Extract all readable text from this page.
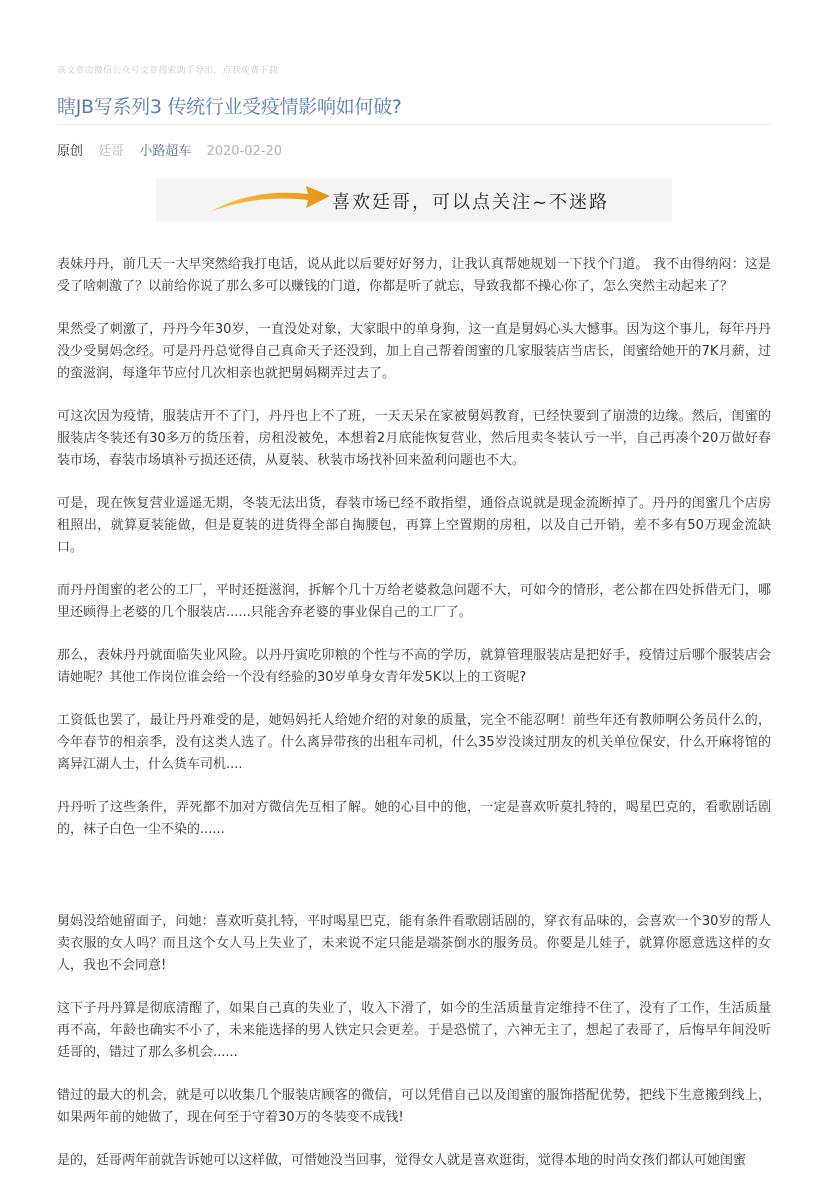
该文章由微信公众号文章搜索助手导出，点我免费下载
瞎JB写系列3 传统行业受疫情影响如何破?
原创 廷哥 小路超车 2020-02-20
喜欢廷哥，可以点关注~不迷路

表妹丹丹，前几天一大早突然给我打电话，说从此以后要好好努力，让我认真帮她规划一下找个门道。 我不由得纳闷：这是受了啥刺激了？以前给你说了那么多可以赚钱的门道，你都是听了就忘，导致我都不操心你了，怎么突然主动起来了？

果然受了刺激了，丹丹今年30岁，一直没处对象，大家眼中的单身狗，这一直是舅妈心头大憾事。因为这个事儿，每年丹丹没少受舅妈念经。可是丹丹总觉得自己真命天子还没到，加上自己帮着闺蜜的几家服装店当店长，闺蜜给她开的7K月薪，过的蛮滋润，每逢年节应付几次相亲也就把舅妈糊弄过去了。

可这次因为疫情，服装店开不了门，丹丹也上不了班，一天天呆在家被舅妈教育，已经快要到了崩溃的边缘。然后，闺蜜的服装店冬装还有30多万的货压着，房租没被免，本想着2月底能恢复营业，然后甩卖冬装认亏一半，自己再凑个20万做好春装市场，春装市场填补亏损还还债，从夏装、秋装市场找补回来盈利问题也不大。

可是，现在恢复营业遥遥无期，冬装无法出货，春装市场已经不敢指望，通俗点说就是现金流断掉了。丹丹的闺蜜几个店房租照出，就算夏装能做，但是夏装的进货得全部自掏腰包，再算上空置期的房租，以及自己开销，差不多有50万现金流缺口。

而丹丹闺蜜的老公的工厂，平时还挺滋润，拆解个几十万给老婆救急问题不大，可如今的情形，老公都在四处拆借无门，哪里还顾得上老婆的几个服装店......只能舍弃老婆的事业保自己的工厂了。

那么，表妹丹丹就面临失业风险。以丹丹寅吃卯粮的个性与不高的学历，就算管理服装店是把好手，疫情过后哪个服装店会请她呢？其他工作岗位谁会给一个没有经验的30岁单身女青年发5K以上的工资呢?

工资低也罢了，最让丹丹难受的是，她妈妈托人给她介绍的对象的质量，完全不能忍啊！前些年还有教师啊公务员什么的，今年春节的相亲季，没有这类人选了。什么离异带孩的出租车司机，什么35岁没谈过朋友的机关单位保安，什么开麻将馆的离异江湖人士，什么货车司机....

丹丹听了这些条件，弄死都不加对方微信先互相了解。她的心目中的他，一定是喜欢听莫扎特的，喝星巴克的，看歌剧话剧的，袜子白色一尘不染的......

舅妈没给她留面子，问她：喜欢听莫扎特，平时喝星巴克，能有条件看歌剧话剧的，穿衣有品味的，会喜欢一个30岁的帮人卖衣服的女人吗？而且这个女人马上失业了，未来说不定只能是端茶倒水的服务员。你要是儿娃子，就算你愿意选这样的女人，我也不会同意!

这下子丹丹算是彻底清醒了，如果自己真的失业了，收入下滑了，如今的生活质量肯定维持不住了，没有了工作，生活质量再不高，年龄也确实不小了，未来能选择的男人铁定只会更差。于是恐慌了，六神无主了，想起了表哥了，后悔早年间没听廷哥的，错过了那么多机会......

错过的最大的机会，就是可以收集几个服装店顾客的微信，可以凭借自己以及闺蜜的服饰搭配优势，把线下生意搬到线上，如果两年前的她做了，现在何至于守着30万的冬装变不成钱!

是的，廷哥两年前就告诉她可以这样做，可惜她没当回事，觉得女人就是喜欢逛街，觉得本地的时尚女孩们都认可她闺蜜
